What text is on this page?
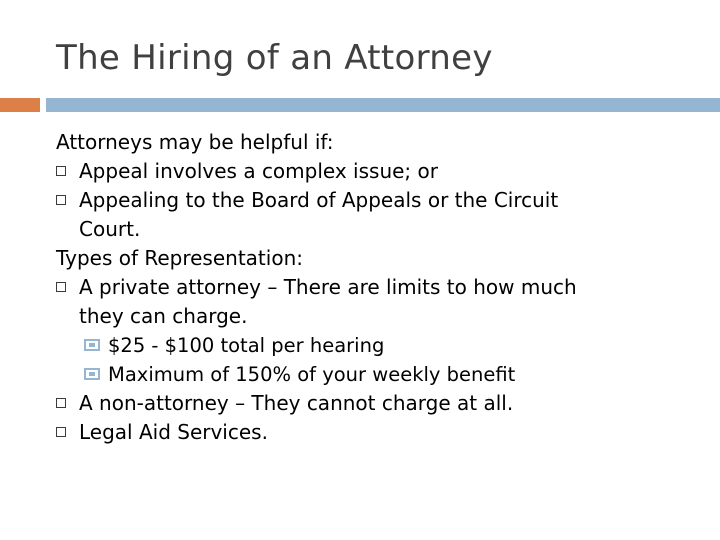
The Hiring of an Attorney
Attorneys may be helpful if:
Appeal involves a complex issue; or
Appealing to the Board of Appeals or the Circuit
Court.
Types of Representation:
A private attorney – There are limits to how much
they can charge.
$25 - $100 total per hearing
Maximum of 150% of your weekly benefit
A non-attorney – They cannot charge at all.
Legal Aid Services.
